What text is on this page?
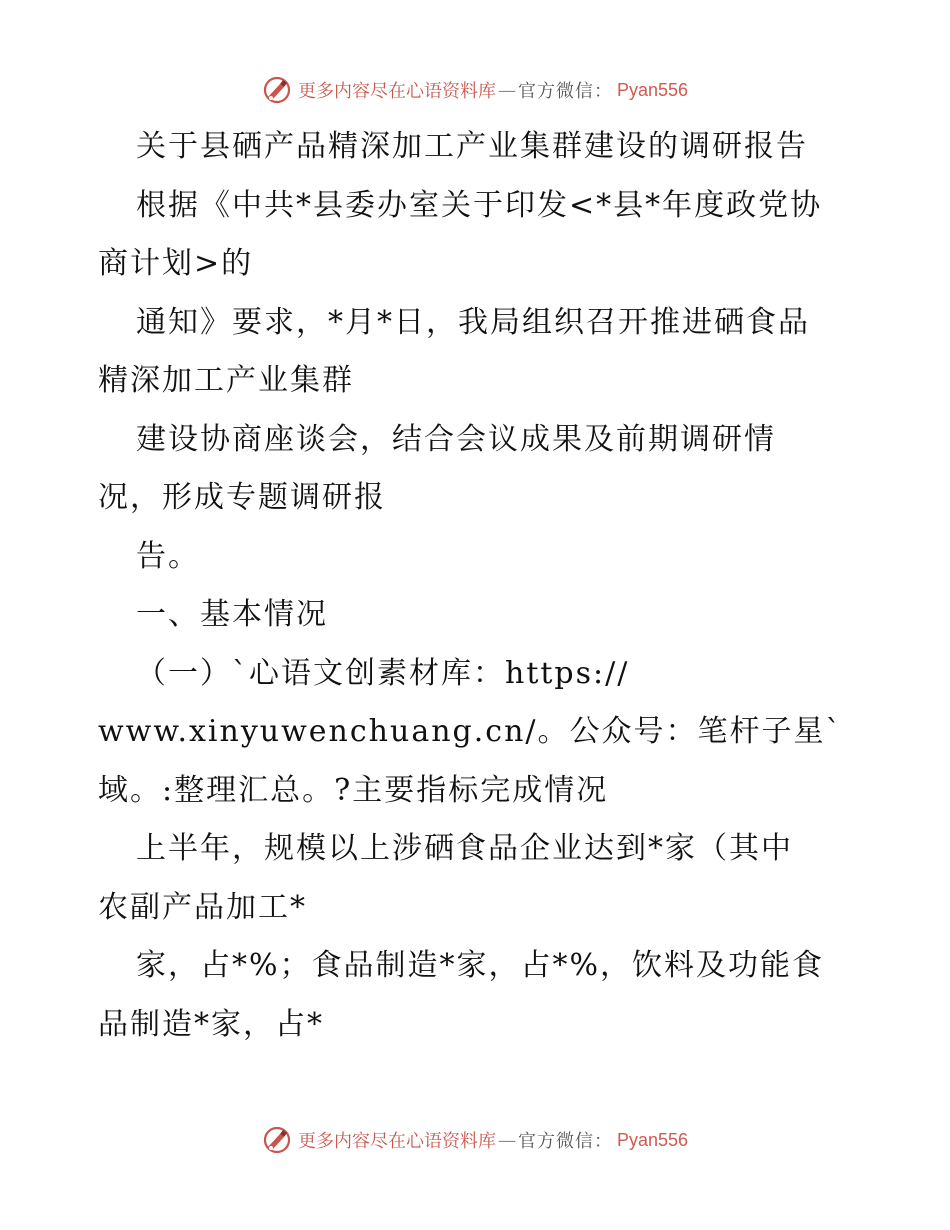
更多内容尽在心语资料库 — 官方微信： Pyan556
关于县硒产品精深加工产业集群建设的调研报告
根据《中共*县委办室关于印发<*县*年度政党协
商计划>的
通知》要求，*月*日，我局组织召开推进硒食品
精深加工产业集群
建设协商座谈会，结合会议成果及前期调研情
况，形成专题调研报
告。
一、基本情况
（一）`心语文创素材库：https://
www.xinyuwenchuang.cn/。公众号：笔杆子星`
域。:整理汇总。?主要指标完成情况
上半年，规模以上涉硒食品企业达到*家（其中
农副产品加工*
家，占*%；食品制造*家，占*%，饮料及功能食
品制造*家，占*
更多内容尽在心语资料库 — 官方微信： Pyan556
